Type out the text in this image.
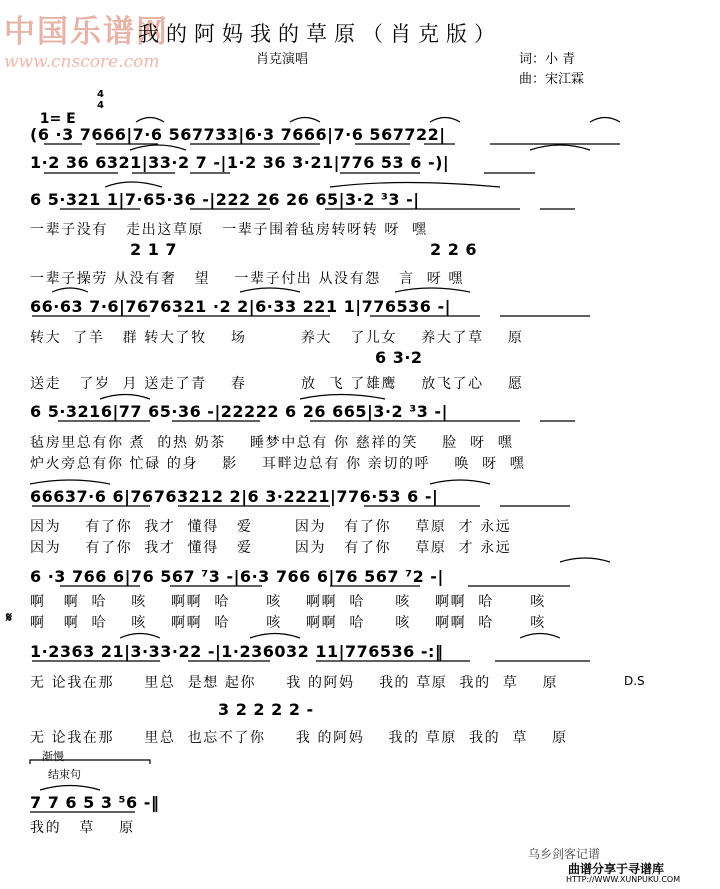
中国乐谱网
www.cnscore.com
我的阿妈我的草原（肖克版）
肖克演唱	词：小 青
曲：宋江霖

1= E

4

4

(6 ·3 7666|7·6 567733|6·3 7666|7·6 567722|
1·2 36 6321|33·2 7 -|1·2 36 3·21|776 53 6 -)|
6 5·321 1|7·65·36 -|222 26 26 65|3·2 ³3 -|
一辈子没有   走出这草原   一辈子围着毡房转呀转 呀  嘿
2 1 7	2 2 6
一辈子操劳 从没有奢   望    一辈子付出 从没有怨   言  呀 嘿
66·63 7·6|7676321 ·2 2|6·33 221 1|776536 -|
转大  了羊   群 转大了牧    场         养大   了儿女    养大了草    原
6 3·2
送走   了岁  月 送走了青    春         放  飞 了雄鹰    放飞了心    愿
6 5·3216|77 65·36 -|22222 6 26 665|3·2 ³3 -|
毡房里总有你 煮  的热 奶茶    睡梦中总有 你 慈祥的笑    脸  呀  嘿
炉火旁总有你 忙碌 的身    影    耳畔边总有 你 亲切的呼    唤  呀  嘿
66637·6 6|76763212 2|6 3·2221|776·53 6 -|
因为    有了你  我才  懂得   爱       因为   有了你    草原  才 永远
因为    有了你  我才  懂得   爱       因为   有了你    草原  才 永远
6 ·3 766 6|76 567 ⁷3 -|6·3 766 6|76 567 ⁷2 -|
啊   啊  哈    咳    啊啊  哈      咳    啊啊  哈     咳    啊啊  哈      咳
𝄋 啊   啊  哈    咳    啊啊  哈      咳    啊啊  哈     咳    啊啊  哈      咳
1·2363 21|3·33·22 -|1·236032 11|776536 -:‖
无 论我在那     里总  是想 起你     我 的阿妈    我的 草原  我的  草    原	D.S
3 2 2 2 2 -
无 论我在那     里总  也忘不了你     我 的阿妈    我的 草原  我的  草    原
渐慢
结束句
7 7 6 5 3 ⁵6 -‖
我的   草    原
乌乡剑客记谱
曲谱分享于寻谱库
HTTP://WWW.XUNPUKU.COM
